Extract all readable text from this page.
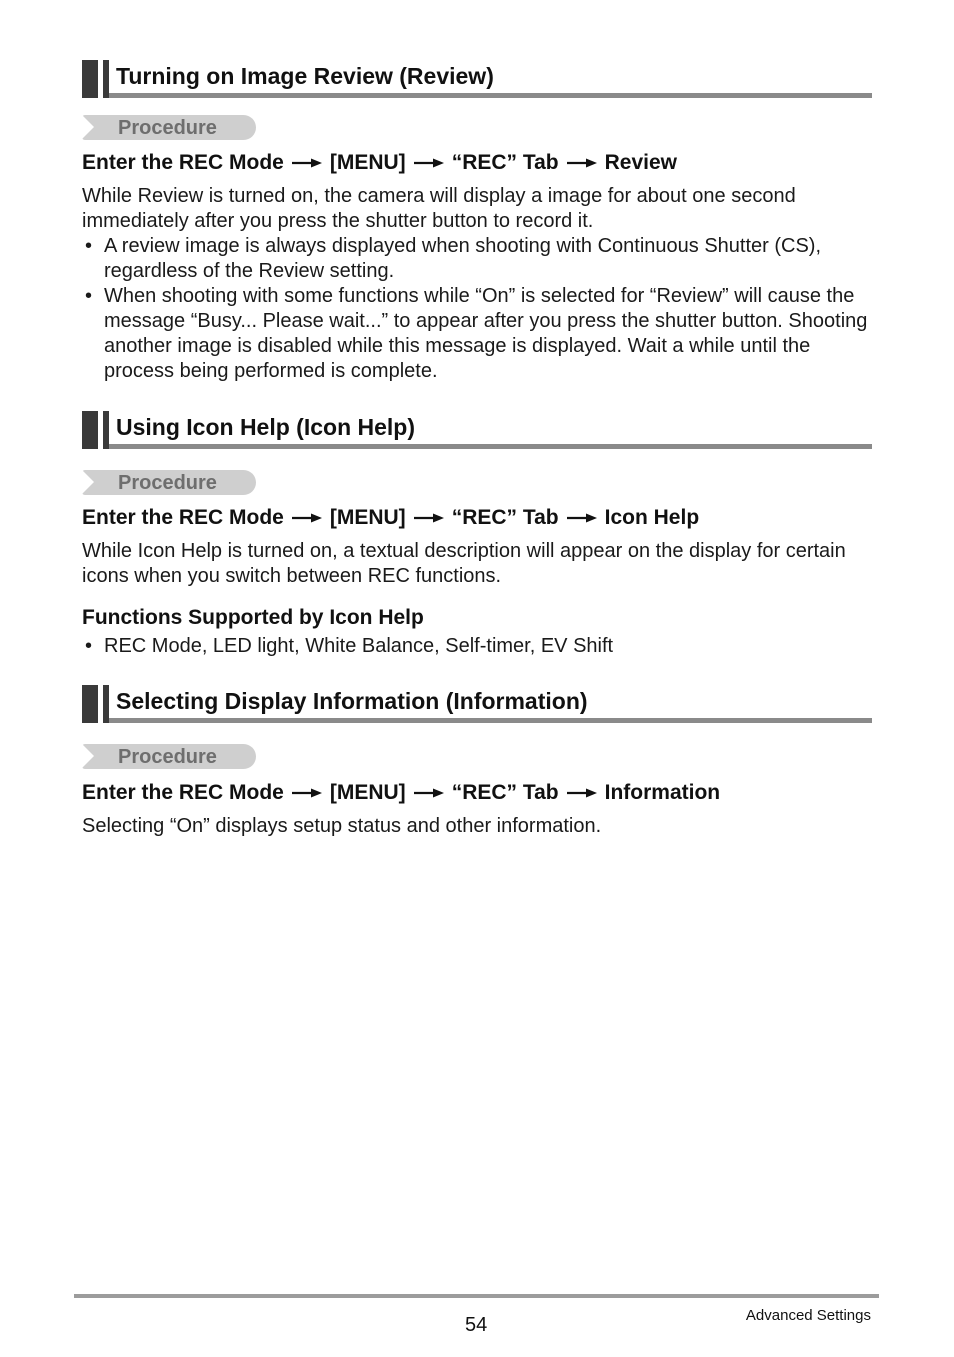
Turning on Image Review (Review)
Procedure
Enter the REC Mode [MENU] “REC” Tab Review

While Review is turned on, the camera will display a image for about one second immediately after you press the shutter button to record it.

• A review image is always displayed when shooting with Continuous Shutter (CS), regardless of the Review setting.
• When shooting with some functions while “On” is selected for “Review” will cause the message “Busy... Please wait...” to appear after you press the shutter button. Shooting another image is disabled while this message is displayed. Wait a while until the process being performed is complete.
Using Icon Help (Icon Help)
Procedure
Enter the REC Mode [MENU] “REC” Tab Icon Help

While Icon Help is turned on, a textual description will appear on the display for certain icons when you switch between REC functions.

Functions Supported by Icon Help
• REC Mode, LED light, White Balance, Self-timer, EV Shift
Selecting Display Information (Information)
Procedure
Enter the REC Mode [MENU] “REC” Tab Information

Selecting “On” displays setup status and other information.

54	Advanced Settings
